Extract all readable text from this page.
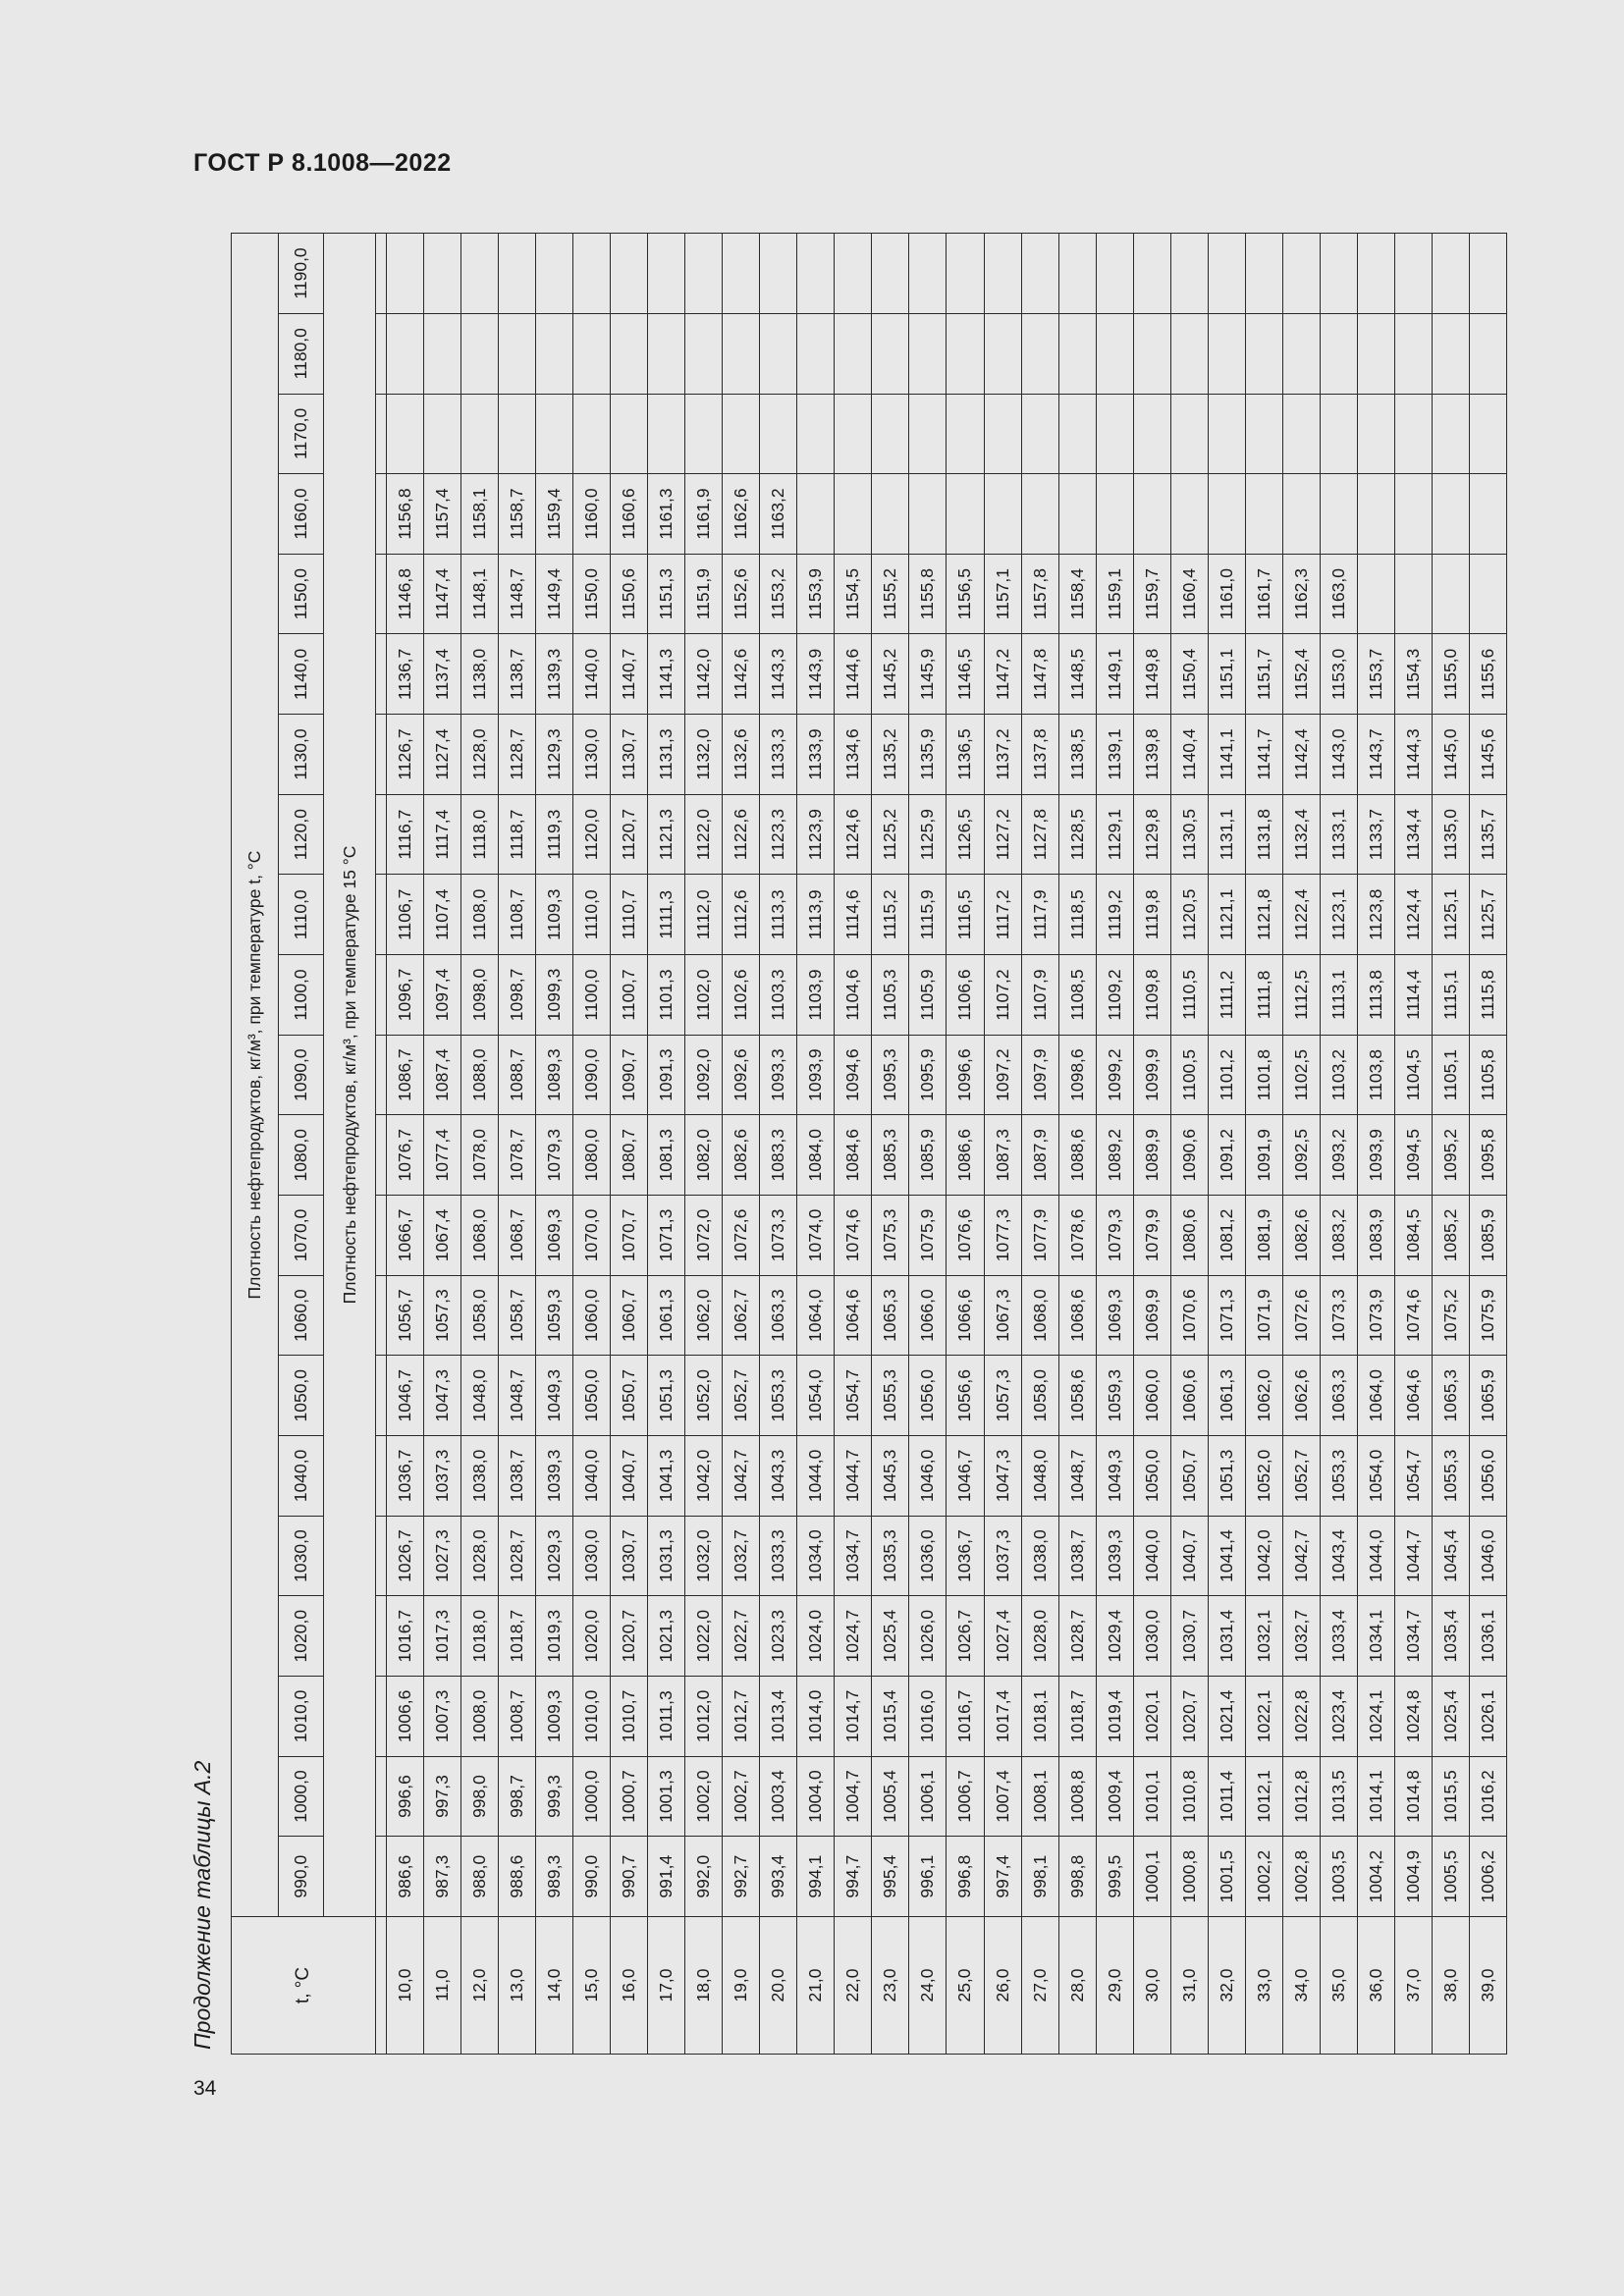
ГОСТ Р 8.1008—2022
Продолжение таблицы А.2
34
t, °C	Плотность нефтепродуктов, кг/м³, при температуре t, °C																				
	990,0	1000,0	1010,0	1020,0	1030,0	1040,0	1050,0	1060,0	1070,0	1080,0	1090,0	1100,0	1110,0	1120,0	1130,0	1140,0	1150,0	1160,0	1170,0	1180,0	1190,0
	Плотность нефтепродуктов, кг/м³, при температуре 15 °C																				

10,0	986,6	996,6	1006,6	1016,7	1026,7	1036,7	1046,7	1056,7	1066,7	1076,7	1086,7	1096,7	1106,7	1116,7	1126,7	1136,7	1146,8	1156,8			
11,0	987,3	997,3	1007,3	1017,3	1027,3	1037,3	1047,3	1057,3	1067,4	1077,4	1087,4	1097,4	1107,4	1117,4	1127,4	1137,4	1147,4	1157,4			
12,0	988,0	998,0	1008,0	1018,0	1028,0	1038,0	1048,0	1058,0	1068,0	1078,0	1088,0	1098,0	1108,0	1118,0	1128,0	1138,0	1148,1	1158,1			
13,0	988,6	998,7	1008,7	1018,7	1028,7	1038,7	1048,7	1058,7	1068,7	1078,7	1088,7	1098,7	1108,7	1118,7	1128,7	1138,7	1148,7	1158,7			
14,0	989,3	999,3	1009,3	1019,3	1029,3	1039,3	1049,3	1059,3	1069,3	1079,3	1089,3	1099,3	1109,3	1119,3	1129,3	1139,3	1149,4	1159,4			
15,0	990,0	1000,0	1010,0	1020,0	1030,0	1040,0	1050,0	1060,0	1070,0	1080,0	1090,0	1100,0	1110,0	1120,0	1130,0	1140,0	1150,0	1160,0			
16,0	990,7	1000,7	1010,7	1020,7	1030,7	1040,7	1050,7	1060,7	1070,7	1080,7	1090,7	1100,7	1110,7	1120,7	1130,7	1140,7	1150,6	1160,6			
17,0	991,4	1001,3	1011,3	1021,3	1031,3	1041,3	1051,3	1061,3	1071,3	1081,3	1091,3	1101,3	1111,3	1121,3	1131,3	1141,3	1151,3	1161,3			
18,0	992,0	1002,0	1012,0	1022,0	1032,0	1042,0	1052,0	1062,0	1072,0	1082,0	1092,0	1102,0	1112,0	1122,0	1132,0	1142,0	1151,9	1161,9			
19,0	992,7	1002,7	1012,7	1022,7	1032,7	1042,7	1052,7	1062,7	1072,6	1082,6	1092,6	1102,6	1112,6	1122,6	1132,6	1142,6	1152,6	1162,6			
20,0	993,4	1003,4	1013,4	1023,3	1033,3	1043,3	1053,3	1063,3	1073,3	1083,3	1093,3	1103,3	1113,3	1123,3	1133,3	1143,3	1153,2	1163,2			
21,0	994,1	1004,0	1014,0	1024,0	1034,0	1044,0	1054,0	1064,0	1074,0	1084,0	1093,9	1103,9	1113,9	1123,9	1133,9	1143,9	1153,9				
22,0	994,7	1004,7	1014,7	1024,7	1034,7	1044,7	1054,7	1064,6	1074,6	1084,6	1094,6	1104,6	1114,6	1124,6	1134,6	1144,6	1154,5				
23,0	995,4	1005,4	1015,4	1025,4	1035,3	1045,3	1055,3	1065,3	1075,3	1085,3	1095,3	1105,3	1115,2	1125,2	1135,2	1145,2	1155,2				
24,0	996,1	1006,1	1016,0	1026,0	1036,0	1046,0	1056,0	1066,0	1075,9	1085,9	1095,9	1105,9	1115,9	1125,9	1135,9	1145,9	1155,8				
25,0	996,8	1006,7	1016,7	1026,7	1036,7	1046,7	1056,6	1066,6	1076,6	1086,6	1096,6	1106,6	1116,5	1126,5	1136,5	1146,5	1156,5				
26,0	997,4	1007,4	1017,4	1027,4	1037,3	1047,3	1057,3	1067,3	1077,3	1087,3	1097,2	1107,2	1117,2	1127,2	1137,2	1147,2	1157,1				
27,0	998,1	1008,1	1018,1	1028,0	1038,0	1048,0	1058,0	1068,0	1077,9	1087,9	1097,9	1107,9	1117,9	1127,8	1137,8	1147,8	1157,8				
28,0	998,8	1008,8	1018,7	1028,7	1038,7	1048,7	1058,6	1068,6	1078,6	1088,6	1098,6	1108,5	1118,5	1128,5	1138,5	1148,5	1158,4				
29,0	999,5	1009,4	1019,4	1029,4	1039,3	1049,3	1059,3	1069,3	1079,3	1089,2	1099,2	1109,2	1119,2	1129,1	1139,1	1149,1	1159,1				
30,0	1000,1	1010,1	1020,1	1030,0	1040,0	1050,0	1060,0	1069,9	1079,9	1089,9	1099,9	1109,8	1119,8	1129,8	1139,8	1149,8	1159,7				
31,0	1000,8	1010,8	1020,7	1030,7	1040,7	1050,7	1060,6	1070,6	1080,6	1090,6	1100,5	1110,5	1120,5	1130,5	1140,4	1150,4	1160,4				
32,0	1001,5	1011,4	1021,4	1031,4	1041,4	1051,3	1061,3	1071,3	1081,2	1091,2	1101,2	1111,2	1121,1	1131,1	1141,1	1151,1	1161,0				
33,0	1002,2	1012,1	1022,1	1032,1	1042,0	1052,0	1062,0	1071,9	1081,9	1091,9	1101,8	1111,8	1121,8	1131,8	1141,7	1151,7	1161,7				
34,0	1002,8	1012,8	1022,8	1032,7	1042,7	1052,7	1062,6	1072,6	1082,6	1092,5	1102,5	1112,5	1122,4	1132,4	1142,4	1152,4	1162,3				
35,0	1003,5	1013,5	1023,4	1033,4	1043,4	1053,3	1063,3	1073,3	1083,2	1093,2	1103,2	1113,1	1123,1	1133,1	1143,0	1153,0	1163,0				
36,0	1004,2	1014,1	1024,1	1034,1	1044,0	1054,0	1064,0	1073,9	1083,9	1093,9	1103,8	1113,8	1123,8	1133,7	1143,7	1153,7					
37,0	1004,9	1014,8	1024,8	1034,7	1044,7	1054,7	1064,6	1074,6	1084,5	1094,5	1104,5	1114,4	1124,4	1134,4	1144,3	1154,3					
38,0	1005,5	1015,5	1025,4	1035,4	1045,4	1055,3	1065,3	1075,2	1085,2	1095,2	1105,1	1115,1	1125,1	1135,0	1145,0	1155,0					
39,0	1006,2	1016,2	1026,1	1036,1	1046,0	1056,0	1065,9	1075,9	1085,9	1095,8	1105,8	1115,8	1125,7	1135,7	1145,6	1155,6					
